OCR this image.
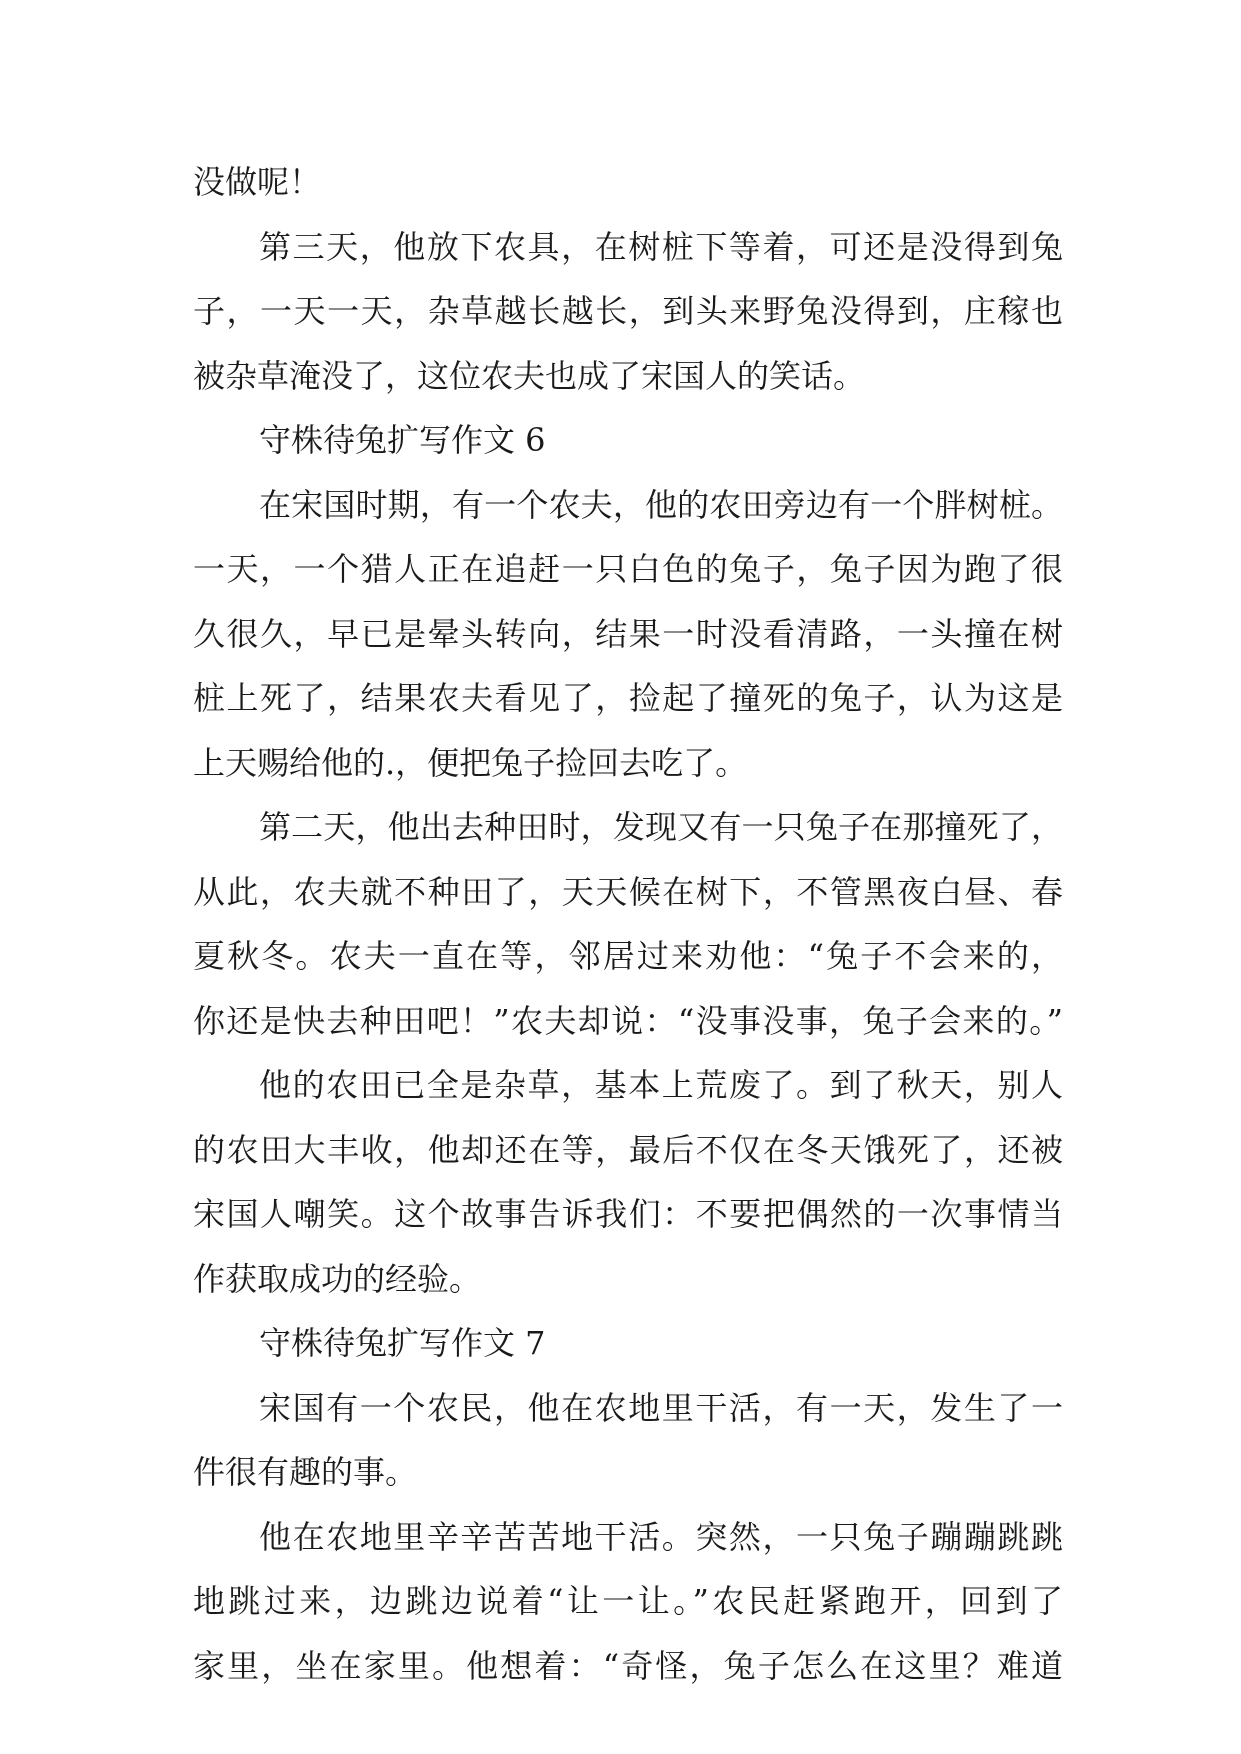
没做呢！
第三天，他放下农具，在树桩下等着，可还是没得到兔
子，一天一天，杂草越长越长，到头来野兔没得到，庄稼也
被杂草淹没了，这位农夫也成了宋国人的笑话。
守株待兔扩写作文 6
在宋国时期，有一个农夫，他的农田旁边有一个胖树桩。
一天，一个猎人正在追赶一只白色的兔子，兔子因为跑了很
久很久，早已是晕头转向，结果一时没看清路，一头撞在树
桩上死了，结果农夫看见了，捡起了撞死的兔子，认为这是
上天赐给他的.，便把兔子捡回去吃了。
第二天，他出去种田时，发现又有一只兔子在那撞死了，
从此，农夫就不种田了，天天候在树下，不管黑夜白昼、春
夏秋冬。农夫一直在等，邻居过来劝他：“兔子不会来的，
你还是快去种田吧！”农夫却说：“没事没事，兔子会来的。”
他的农田已全是杂草，基本上荒废了。到了秋天，别人
的农田大丰收，他却还在等，最后不仅在冬天饿死了，还被
宋国人嘲笑。这个故事告诉我们：不要把偶然的一次事情当
作获取成功的经验。
守株待兔扩写作文 7
宋国有一个农民，他在农地里干活，有一天，发生了一
件很有趣的事。
他在农地里辛辛苦苦地干活。突然，一只兔子蹦蹦跳跳
地跳过来，边跳边说着“让一让。”农民赶紧跑开，回到了
家里，坐在家里。他想着：“奇怪，兔子怎么在这里？难道
